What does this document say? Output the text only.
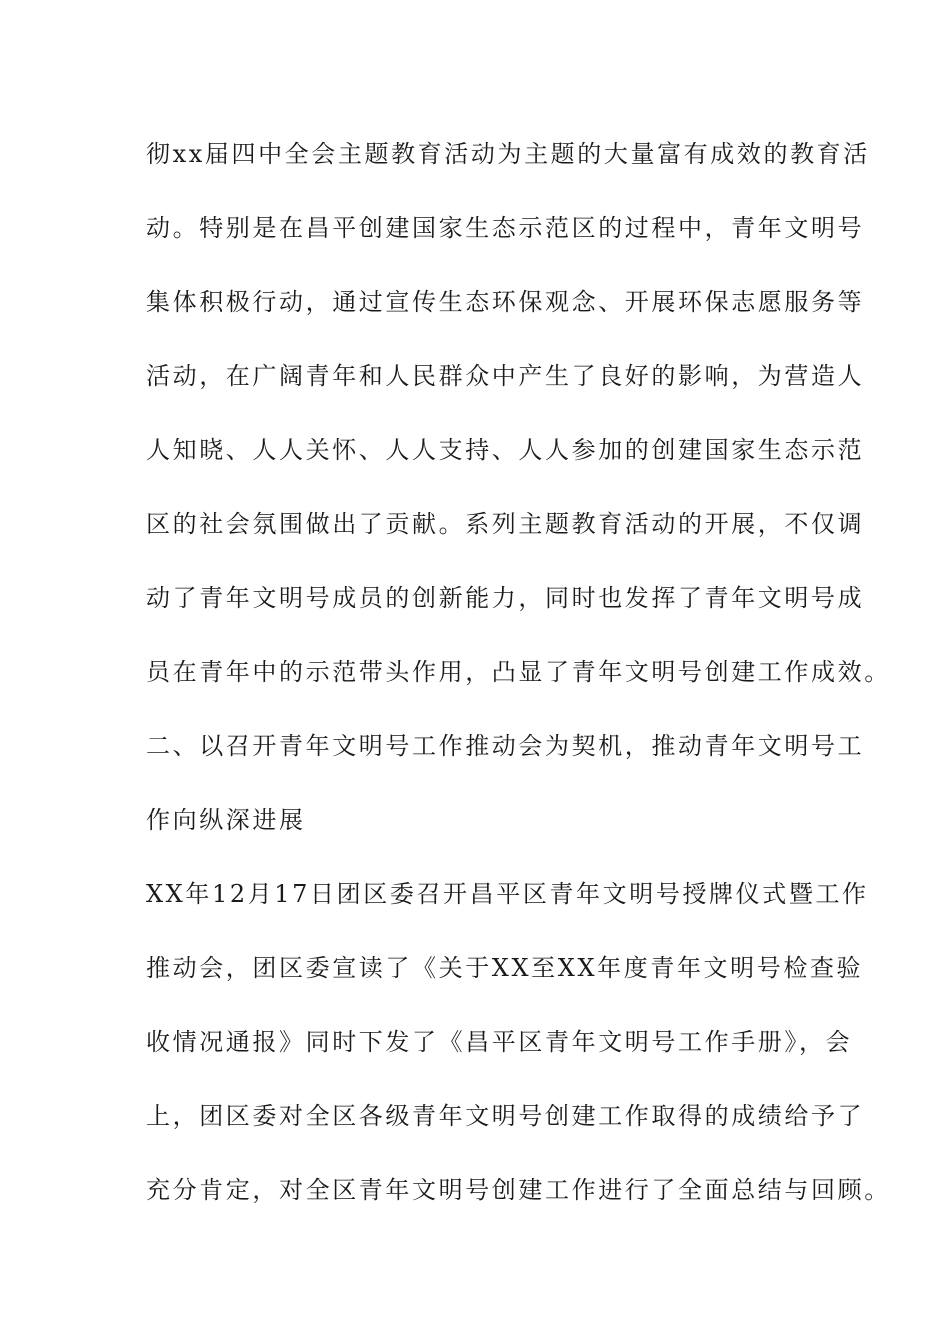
彻xx届四中全会主题教育活动为主题的大量富有成效的教育活
动。特别是在昌平创建国家生态示范区的过程中，青年文明号
集体积极行动，通过宣传生态环保观念、开展环保志愿服务等
活动，在广阔青年和人民群众中产生了良好的影响，为营造人
人知晓、人人关怀、人人支持、人人参加的创建国家生态示范
区的社会氛围做出了贡献。系列主题教育活动的开展，不仅调
动了青年文明号成员的创新能力，同时也发挥了青年文明号成
员在青年中的示范带头作用，凸显了青年文明号创建工作成效。
二、以召开青年文明号工作推动会为契机，推动青年文明号工
作向纵深进展
XX年12月17日团区委召开昌平区青年文明号授牌仪式暨工作
推动会，团区委宣读了《关于XX至XX年度青年文明号检查验
收情况通报》同时下发了《昌平区青年文明号工作手册》，会
上，团区委对全区各级青年文明号创建工作取得的成绩给予了
充分肯定，对全区青年文明号创建工作进行了全面总结与回顾。
